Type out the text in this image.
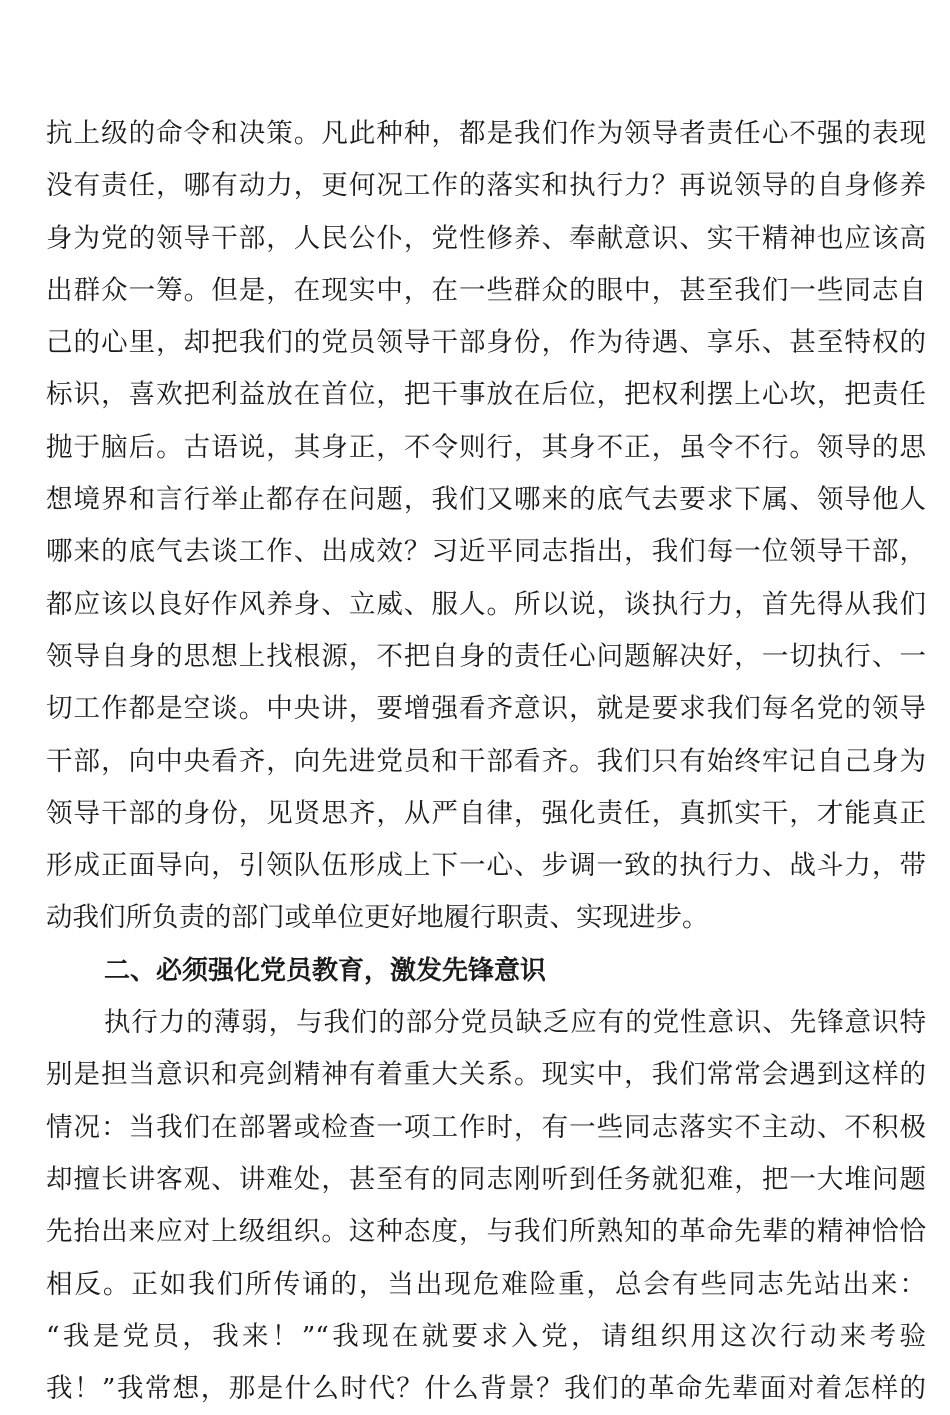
抗上级的命令和决策。凡此种种，都是我们作为领导者责任心不强的表现
没有责任，哪有动力，更何况工作的落实和执行力？再说领导的自身修养
身为党的领导干部，人民公仆，党性修养、奉献意识、实干精神也应该高
出群众一筹。但是，在现实中，在一些群众的眼中，甚至我们一些同志自
己的心里，却把我们的党员领导干部身份，作为待遇、享乐、甚至特权的
标识，喜欢把利益放在首位，把干事放在后位，把权利摆上心坎，把责任
抛于脑后。古语说，其身正，不令则行，其身不正，虽令不行。领导的思
想境界和言行举止都存在问题，我们又哪来的底气去要求下属、领导他人
哪来的底气去谈工作、出成效？习近平同志指出，我们每一位领导干部，
都应该以良好作风养身、立威、服人。所以说，谈执行力，首先得从我们
领导自身的思想上找根源，不把自身的责任心问题解决好，一切执行、一
切工作都是空谈。中央讲，要增强看齐意识，就是要求我们每名党的领导
干部，向中央看齐，向先进党员和干部看齐。我们只有始终牢记自己身为
领导干部的身份，见贤思齐，从严自律，强化责任，真抓实干，才能真正
形成正面导向，引领队伍形成上下一心、步调一致的执行力、战斗力，带
动我们所负责的部门或单位更好地履行职责、实现进步。
二、必须强化党员教育，激发先锋意识
执行力的薄弱，与我们的部分党员缺乏应有的党性意识、先锋意识特
别是担当意识和亮剑精神有着重大关系。现实中，我们常常会遇到这样的
情况：当我们在部署或检查一项工作时，有一些同志落实不主动、不积极
却擅长讲客观、讲难处，甚至有的同志刚听到任务就犯难，把一大堆问题
先抬出来应对上级组织。这种态度，与我们所熟知的革命先辈的精神恰恰
相反。正如我们所传诵的，当出现危难险重，总会有些同志先站出来：
“我是党员，我来！”“我现在就要求入党，请组织用这次行动来考验
我！”我常想，那是什么时代？什么背景？我们的革命先辈面对着怎样的
